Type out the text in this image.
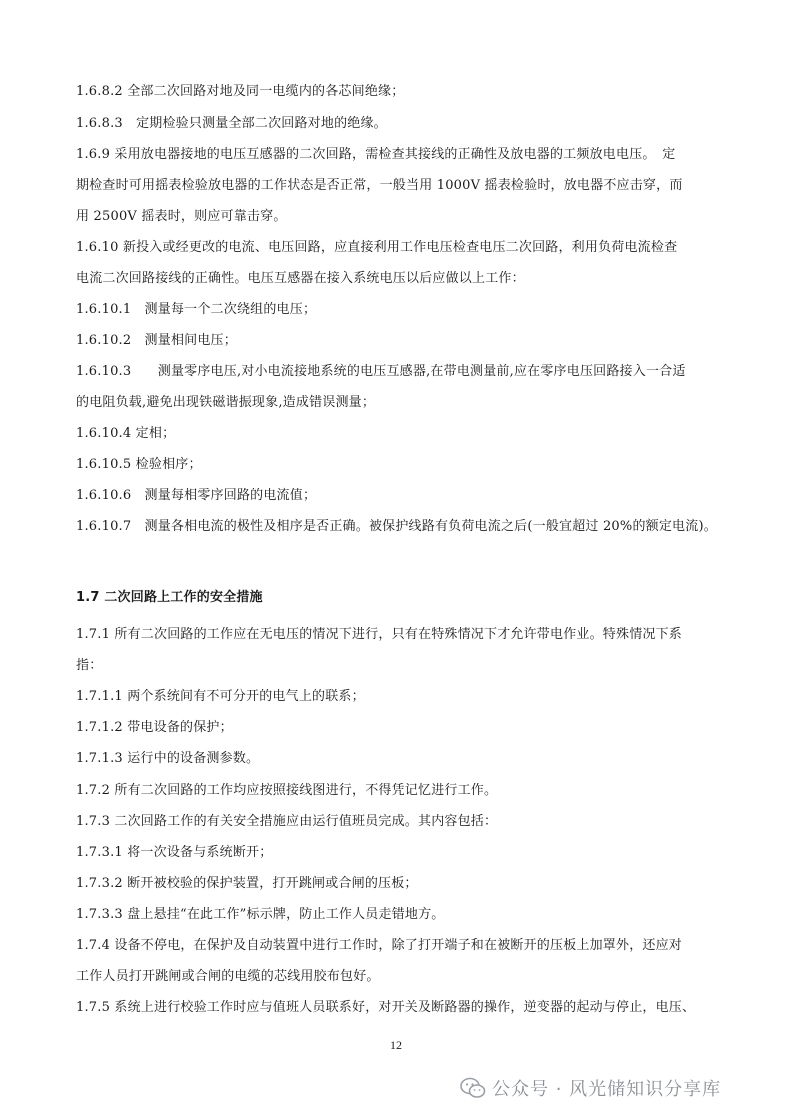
1.6.8.2 全部二次回路对地及同一电缆内的各芯间绝缘；
1.6.8.3　定期检验只测量全部二次回路对地的绝缘。
1.6.9 采用放电器接地的电压互感器的二次回路，需检查其接线的正确性及放电器的工频放电电压。　定
期检查时可用摇表检验放电器的工作状态是否正常，一般当用 1000V 摇表检验时，放电器不应击穿，而
用 2500V 摇表时，则应可靠击穿。
1.6.10 新投入或经更改的电流、电压回路，应直接利用工作电压检查电压二次回路，利用负荷电流检查
电流二次回路接线的正确性。电压互感器在接入系统电压以后应做以上工作：
1.6.10.1　测量每一个二次绕组的电压；
1.6.10.2　测量相间电压；
1.6.10.3　　测量零序电压,对小电流接地系统的电压互感器,在带电测量前,应在零序电压回路接入一合适
的电阻负载,避免出现铁磁谐振现象,造成错误测量；
1.6.10.4 定相；
1.6.10.5 检验相序；
1.6.10.6　测量每相零序回路的电流值；
1.6.10.7　测量各相电流的极性及相序是否正确。被保护线路有负荷电流之后(一般宜超过 20%的额定电流)。
1.7 二次回路上工作的安全措施
1.7.1 所有二次回路的工作应在无电压的情况下进行，只有在特殊情况下才允许带电作业。特殊情况下系
指：
1.7.1.1 两个系统间有不可分开的电气上的联系；
1.7.1.2 带电设备的保护；
1.7.1.3 运行中的设备测参数。
1.7.2 所有二次回路的工作均应按照接线图进行，不得凭记忆进行工作。
1.7.3 二次回路工作的有关安全措施应由运行值班员完成。其内容包括：
1.7.3.1 将一次设备与系统断开；
1.7.3.2 断开被校验的保护装置，打开跳闸或合闸的压板；
1.7.3.3 盘上悬挂“在此工作”标示牌，防止工作人员走错地方。
1.7.4 设备不停电，在保护及自动装置中进行工作时，除了打开端子和在被断开的压板上加罩外，还应对
工作人员打开跳闸或合闸的电缆的芯线用胶布包好。
1.7.5 系统上进行校验工作时应与值班人员联系好，对开关及断路器的操作，逆变器的起动与停止，电压、
12
公众号 · 风光储知识分享库
